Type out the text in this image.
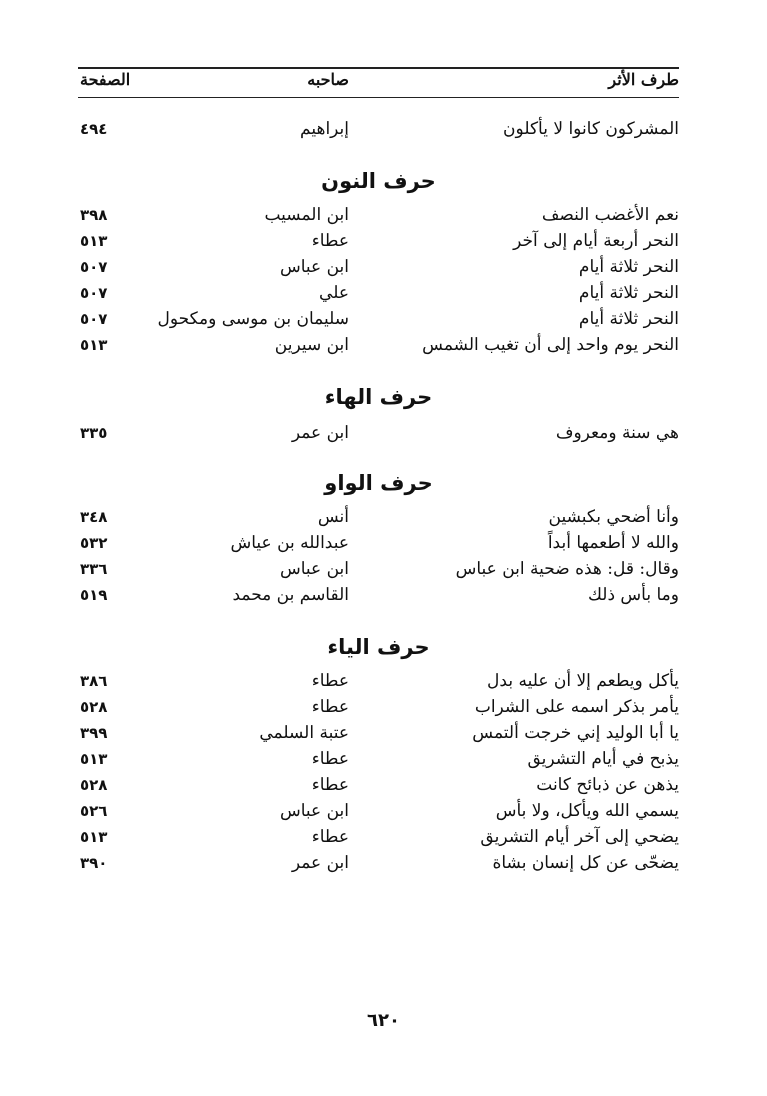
طرف الأثر
صاحبه
الصفحة
المشركون كانوا لا يأكلون
إبراهيم
٤٩٤
حرف النون
نعم الأغضب النصف
ابن المسيب
٣٩٨
النحر أربعة أيام إلى آخر
عطاء
٥١٣
النحر ثلاثة أيام
ابن عباس
٥٠٧
النحر ثلاثة أيام
علي
٥٠٧
النحر ثلاثة أيام
سليمان بن موسى ومكحول
٥٠٧
النحر يوم واحد إلى أن تغيب الشمس
ابن سيرين
٥١٣
حرف الهاء
هي سنة ومعروف
ابن عمر
٣٣٥
حرف الواو
وأنا أضحي بكبشين
أنس
٣٤٨
والله لا أطعمها أبداً
عبدالله بن عياش
٥٣٢
وقال: قل: هذه ضحية ابن عباس
ابن عباس
٣٣٦
وما بأس ذلك
القاسم بن محمد
٥١٩
حرف الياء
يأكل ويطعم إلا أن عليه بدل
عطاء
٣٨٦
يأمر بذكر اسمه على الشراب
عطاء
٥٢٨
يا أبا الوليد إني خرجت ألتمس
عتبة السلمي
٣٩٩
يذبح في أيام التشريق
عطاء
٥١٣
يذهن عن ذبائح كانت
عطاء
٥٢٨
يسمي الله ويأكل، ولا بأس
ابن عباس
٥٢٦
يضحي إلى آخر أيام التشريق
عطاء
٥١٣
يضحّى عن كل إنسان بشاة
ابن عمر
٣٩٠
٦٢٠
